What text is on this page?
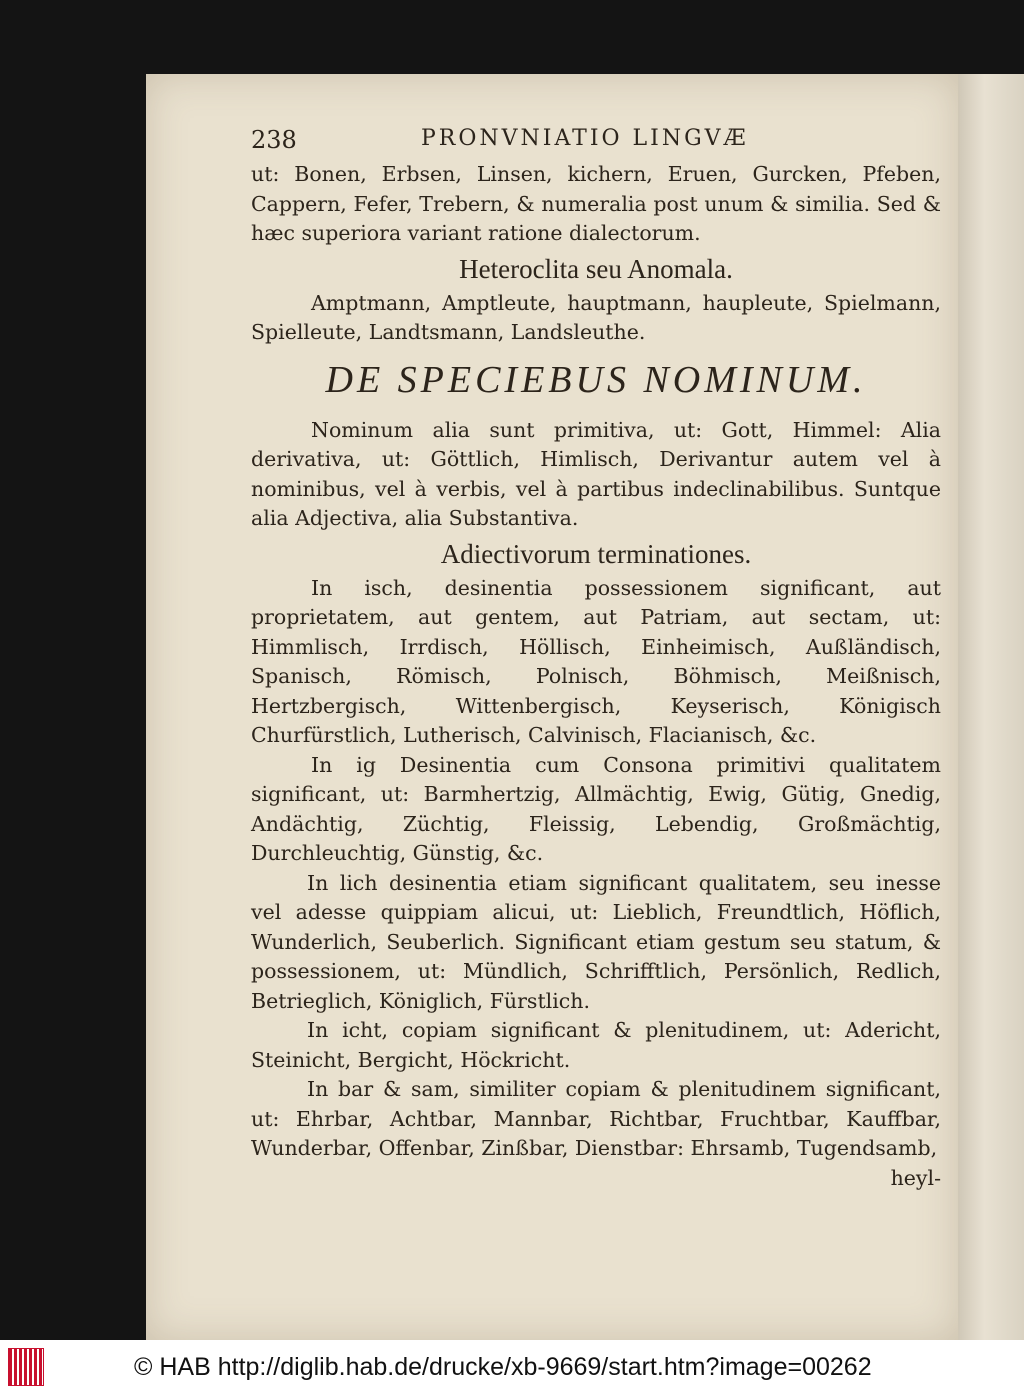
238	PRONVNIATIO LINGVÆ

ut: Bonen, Erbsen, Linsen, kichern, Eruen, Gurcken, Pfeben, Cappern, Fefer, Trebern, & numeralia post unum & similia. Sed & hæc superiora variant ratione dialectorum.

Heteroclita seu Anomala.

Amptmann, Amptleute, hauptmann, haupleute, Spielmann, Spielleute, Landtsmann, Landsleuthe.

DE SPECIEBUS NOMINUM.

Nominum alia sunt primitiva, ut: Gott, Himmel: Alia derivativa, ut: Göttlich, Himlisch, Derivantur autem vel à nominibus, vel à verbis, vel à partibus indeclinabilibus. Suntque alia Adjectiva, alia Substantiva.

Adiectivorum terminationes.

In isch, desinentia possessionem significant, aut proprietatem, aut gentem, aut Patriam, aut sectam, ut: Himmlisch, Irrdisch, Höllisch, Einheimisch, Außländisch, Spanisch, Römisch, Polnisch, Böhmisch, Meißnisch, Hertzbergisch, Wittenbergisch, Keyserisch, Königisch Churfürstlich, Lutherisch, Calvinisch, Flacianisch, &c.

In ig Desinentia cum Consona primitivi qualitatem significant, ut: Barmhertzig, Allmächtig, Ewig, Gütig, Gnedig, Andächtig, Züchtig, Fleissig, Lebendig, Großmächtig, Durchleuchtig, Günstig, &c.

In lich desinentia etiam significant qualitatem, seu inesse vel adesse quippiam alicui, ut: Lieblich, Freundtlich, Höflich, Wunderlich, Seuberlich. Significant etiam gestum seu statum, & possessionem, ut: Mündlich, Schrifftlich, Persönlich, Redlich, Betrieglich, Königlich, Fürstlich.

In icht, copiam significant & plenitudinem, ut: Adericht, Steinicht, Bergicht, Höckricht.

In bar & sam, similiter copiam & plenitudinem significant, ut: Ehrbar, Achtbar, Mannbar, Richtbar, Fruchtbar, Kauffbar, Wunderbar, Offenbar, Zinßbar, Dienstbar: Ehrsamb, Tugendsamb,

heyl-

© HAB http://diglib.hab.de/drucke/xb-9669/start.htm?image=00262
